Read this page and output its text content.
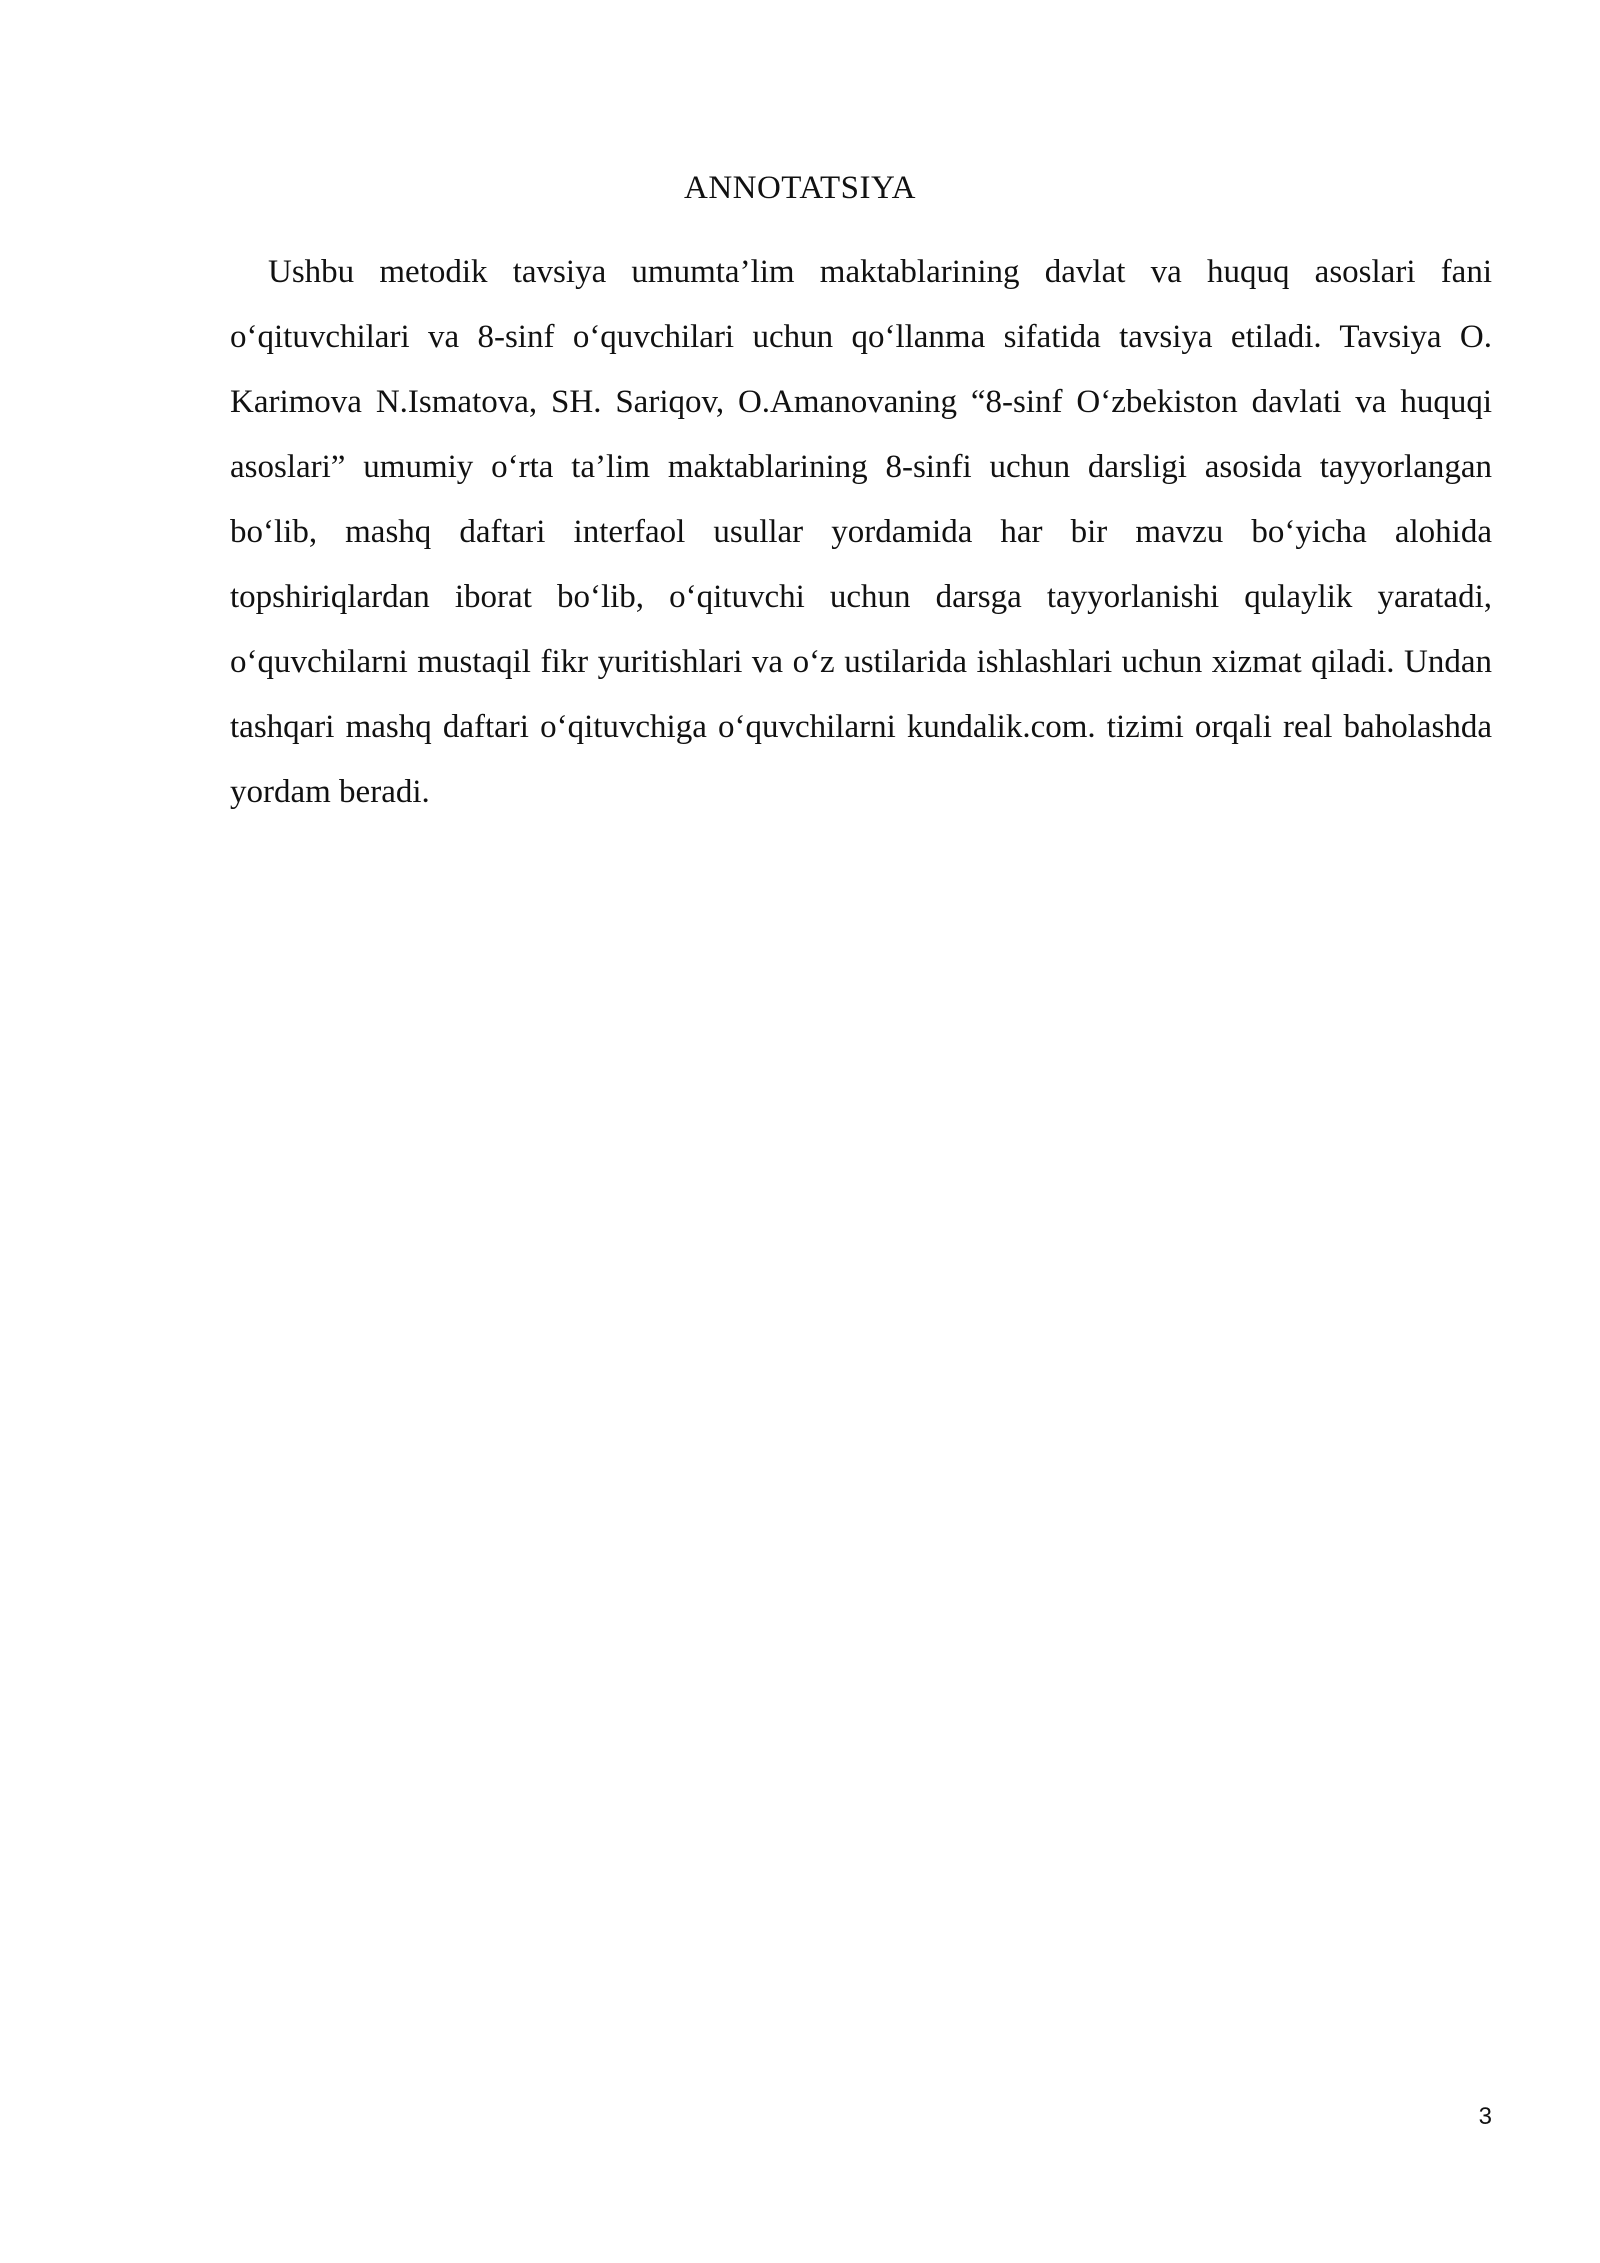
ANNOTATSIYA

Ushbu metodik tavsiya umumta’lim maktablarining davlat va huquq asoslari fani o‘qituvchilari va 8-sinf o‘quvchilari uchun qo‘llanma sifatida tavsiya etiladi. Tavsiya O. Karimova N.Ismatova, SH. Sariqov, O.Amanovaning “8-sinf O‘zbekiston davlati va huquqi asoslari” umumiy o‘rta ta’lim maktablarining 8-sinfi uchun darsligi asosida tayyorlangan bo‘lib, mashq daftari interfaol usullar yordamida har bir mavzu bo‘yicha alohida topshiriqlardan iborat bo‘lib, o‘qituvchi uchun darsga tayyorlanishi qulaylik yaratadi, o‘quvchilarni mustaqil fikr yuritishlari va o‘z ustilarida ishlashlari uchun xizmat qiladi. Undan tashqari mashq daftari o‘qituvchiga o‘quvchilarni kundalik.com. tizimi orqali real baholashda yordam beradi.

3
